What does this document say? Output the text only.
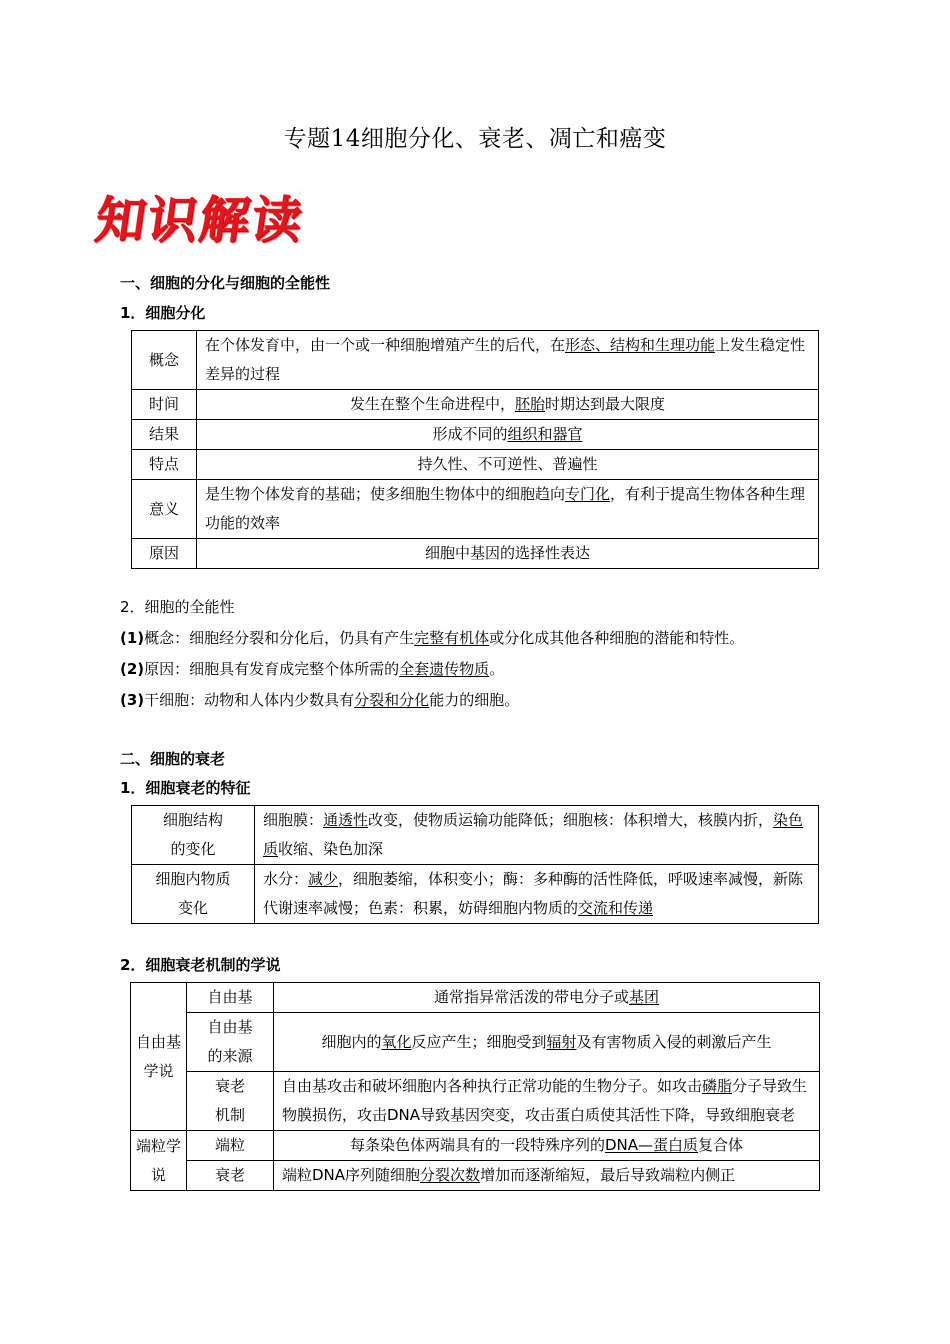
专题14细胞分化、衰老、凋亡和癌变
知识解读
一、细胞的分化与细胞的全能性
1．细胞分化
概念	在个体发育中，由一个或一种细胞增殖产生的后代，在形态、结构和生理功能上发生稳定性差异的过程
时间	发生在整个生命进程中，胚胎时期达到最大限度
结果	形成不同的组织和器官
特点	持久性、不可逆性、普遍性
意义	是生物个体发育的基础；使多细胞生物体中的细胞趋向专门化，有利于提高生物体各种生理功能的效率
原因	细胞中基因的选择性表达
2．细胞的全能性
(1)概念：细胞经分裂和分化后，仍具有产生完整有机体或分化成其他各种细胞的潜能和特性。
(2)原因：细胞具有发育成完整个体所需的全套遗传物质。
(3)干细胞：动物和人体内少数具有分裂和分化能力的细胞。
二、细胞的衰老
1．细胞衰老的特征
细胞结构
的变化	细胞膜：通透性改变，使物质运输功能降低；细胞核：体积增大，核膜内折，染色质收缩、染色加深
细胞内物质
变化	水分：减少，细胞萎缩，体积变小；酶：多种酶的活性降低，呼吸速率减慢，新陈代谢速率减慢；色素：积累，妨碍细胞内物质的交流和传递
2．细胞衰老机制的学说
自由基学说	自由基	通常指异常活泼的带电分子或基团
	自由基
的来源	细胞内的氧化反应产生；细胞受到辐射及有害物质入侵的刺激后产生
	衰老
机制	自由基攻击和破坏细胞内各种执行正常功能的生物分子。如攻击磷脂分子导致生物膜损伤，攻击DNA导致基因突变，攻击蛋白质使其活性下降，导致细胞衰老
端粒学说	端粒	每条染色体两端具有的一段特殊序列的DNA—蛋白质复合体
	衰老	端粒DNA序列随细胞分裂次数增加而逐渐缩短，最后导致端粒内侧正
